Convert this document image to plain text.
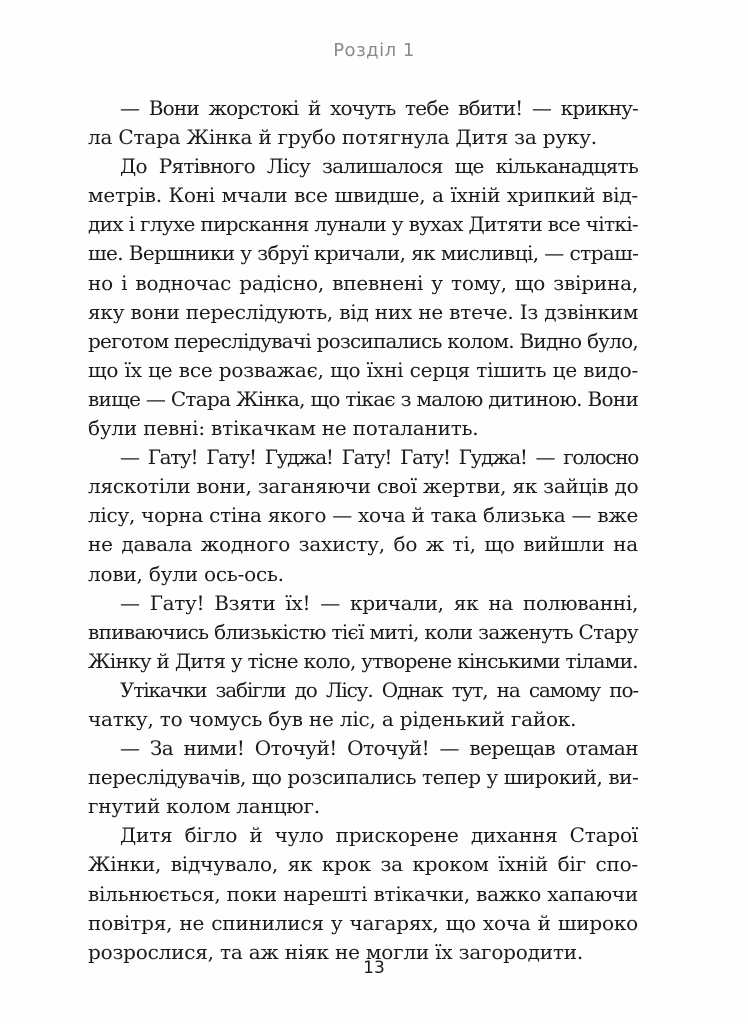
Розділ 1
— Вони жорстокі й хочуть тебе вбити! — крикну-
ла Стара Жінка й грубо потягнула Дитя за руку.
До Рятівного Лісу залишалося ще кільканадцять
метрів. Коні мчали все швидше, а їхній хрипкий від-
дих і глухе пирскання лунали у вухах Дитяти все чіткі-
ше. Вершники у збруї кричали, як мисливці, — страш-
но і водночас радісно, впевнені у тому, що звірина,
яку вони переслідують, від них не втече. Із дзвінким
реготом переслідувачі розсипались колом. Видно було,
що їх це все розважає, що їхні серця тішить це видо-
вище — Стара Жінка, що тікає з малою дитиною. Вони
були певні: втікачкам не поталанить.
— Гату! Гату! Гуджа! Гату! Гату! Гуджа! — голосно
ляскотіли вони, заганяючи свої жертви, як зайців до
лісу, чорна стіна якого — хоча й така близька — вже
не давала жодного захисту, бо ж ті, що вийшли на
лови, були ось-ось.
— Гату! Взяти їх! — кричали, як на полюванні,
впиваючись близькістю тієї миті, коли заженуть Стару
Жінку й Дитя у тісне коло, утворене кінськими тілами.
Утікачки забігли до Лісу. Однак тут, на самому по-
чатку, то чомусь був не ліс, а ріденький гайок.
— За ними! Оточуй! Оточуй! — верещав отаман
переслідувачів, що розсипались тепер у широкий, ви-
гнутий колом ланцюг.
Дитя бігло й чуло прискорене дихання Старої
Жінки, відчувало, як крок за кроком їхній біг спо-
вільнюється, поки нарешті втікачки, важко хапаючи
повітря, не спинилися у чагарях, що хоча й широко
розрослися, та аж ніяк не могли їх загородити.
13
